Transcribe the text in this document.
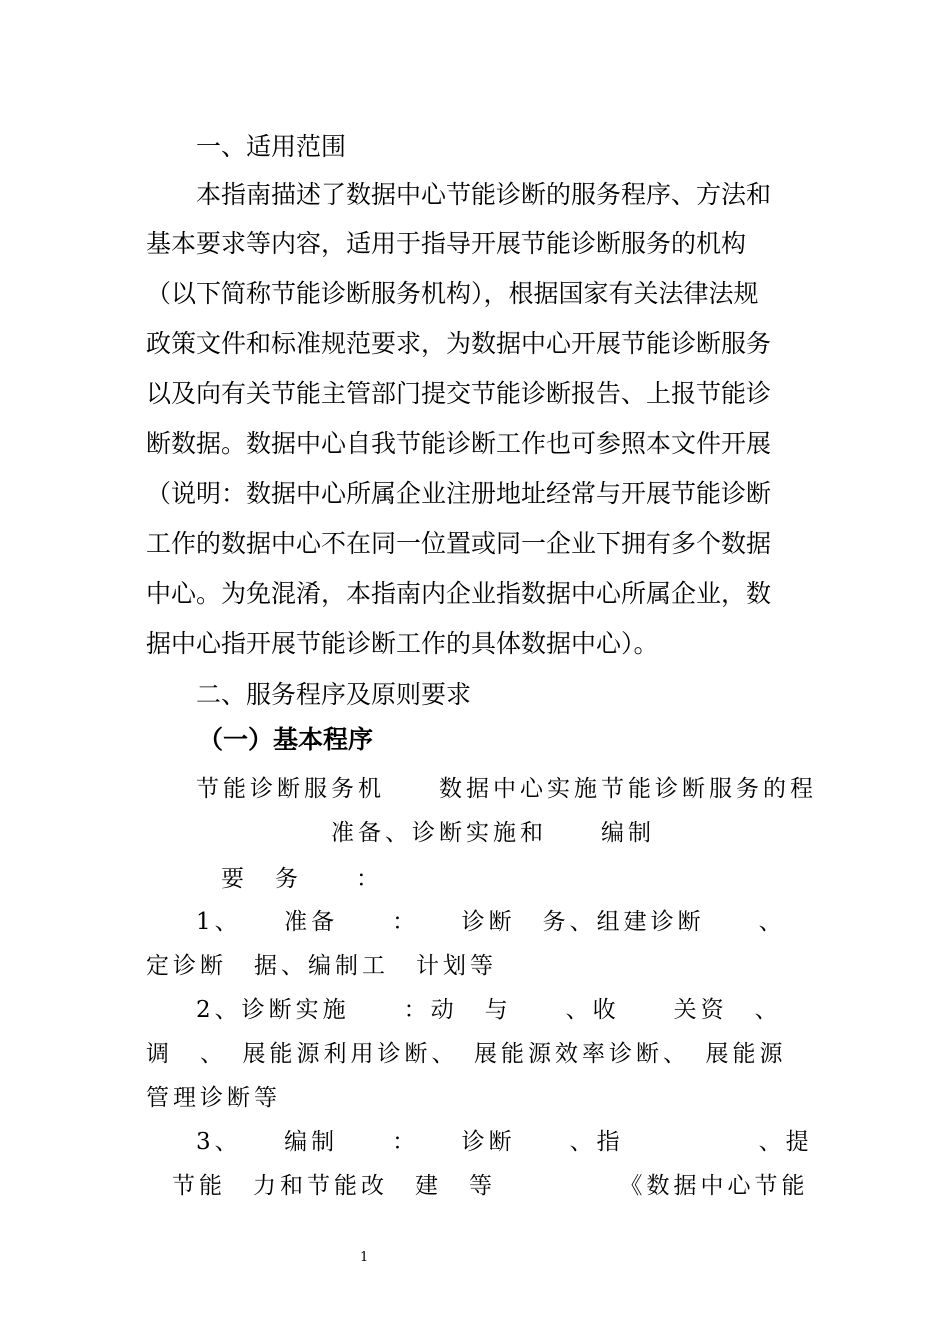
一、适用范围
本指南描述了数据中心节能诊断的服务程序、方法和
基本要求等内容，适用于指导开展节能诊断服务的机构
（以下简称节能诊断服务机构），根据国家有关法律法规
政策文件和标准规范要求，为数据中心开展节能诊断服务
以及向有关节能主管部门提交节能诊断报告、上报节能诊
断数据。数据中心自我节能诊断工作也可参照本文件开展
（说明：数据中心所属企业注册地址经常与开展节能诊断
工作的数据中心不在同一位置或同一企业下拥有多个数据
中心。为免混淆，本指南内企业指数据中心所属企业，数
据中心指开展节能诊断工作的具体数据中心）。
二、服务程序及原则要求
（一）基本程序
节能诊断服务机　　数据中心实施节能诊断服务的程
准备、诊断实施和　　编制
要　务　　：
1、　　准备　　：　　诊断　务、组建诊断　　、
定诊断　据、编制工　计划等
2、诊断实施　　：动　与　　、收　　关资　、
调　、　展能源利用诊断、　展能源效率诊断、　展能源
管理诊断等
3、　　编制　　：　　诊断　　、指　　　　　、提
节能　力和节能改　建　等　　　　　《数据中心节能
1
